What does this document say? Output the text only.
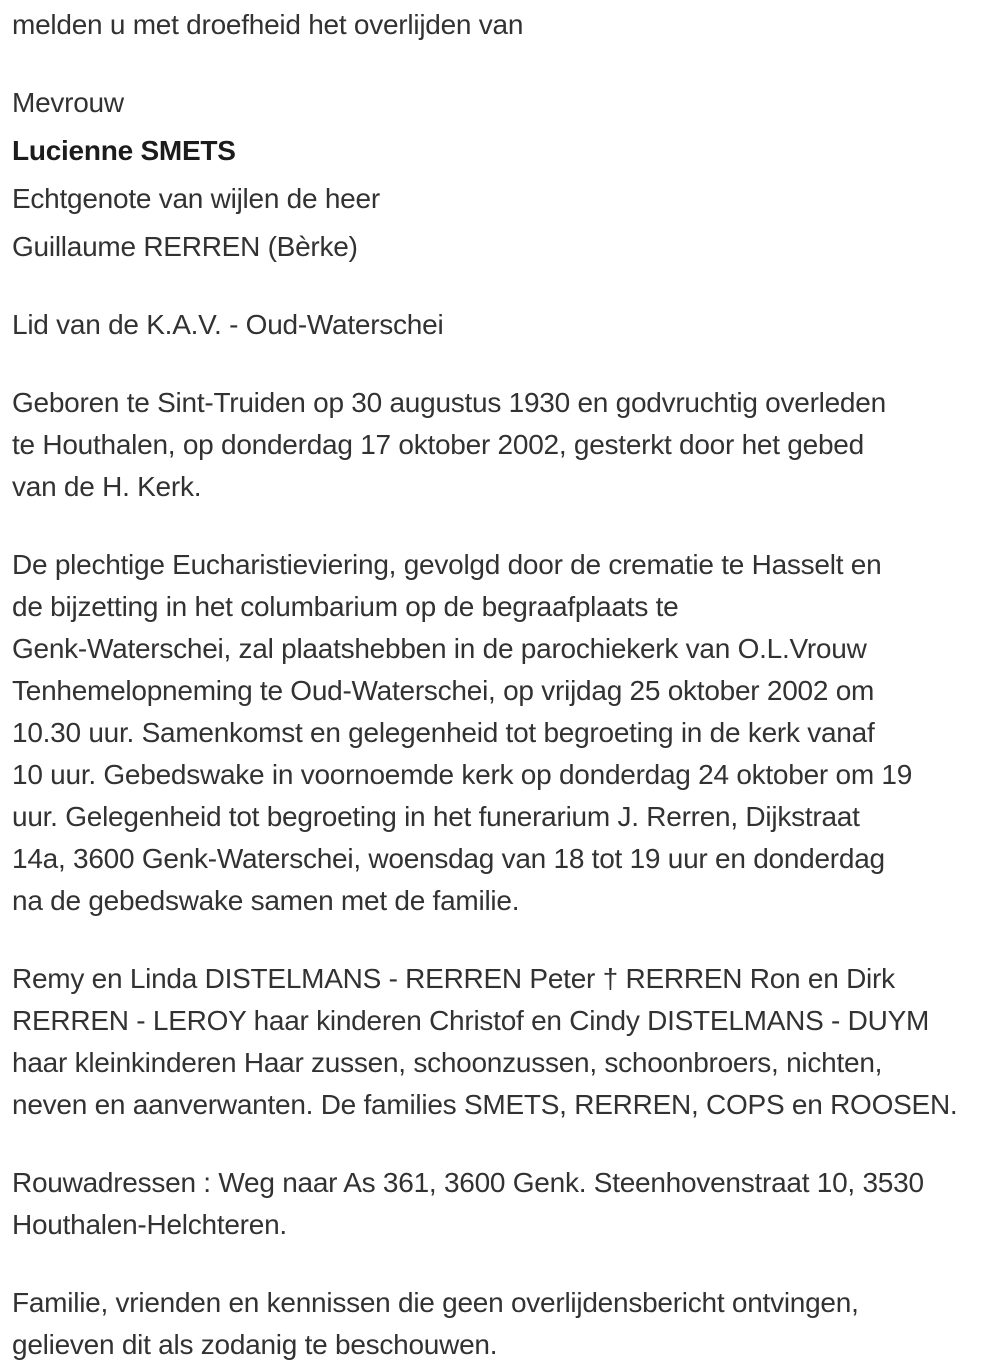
melden u met droefheid het overlijden van

Mevrouw

Lucienne SMETS

Echtgenote van wijlen de heer

Guillaume RERREN (Bèrke)

Lid van de K.A.V. - Oud-Waterschei

Geboren te Sint-Truiden op 30 augustus 1930 en godvruchtig overleden
te Houthalen, op donderdag 17 oktober 2002, gesterkt door het gebed
van de H. Kerk.

De plechtige Eucharistieviering, gevolgd door de crematie te Hasselt en
de bijzetting in het columbarium op de begraafplaats te
Genk-Waterschei, zal plaatshebben in de parochiekerk van O.L.Vrouw
Tenhemelopneming te Oud-Waterschei, op vrijdag 25 oktober 2002 om
10.30 uur. Samenkomst en gelegenheid tot begroeting in de kerk vanaf
10 uur. Gebedswake in voornoemde kerk op donderdag 24 oktober om 19
uur. Gelegenheid tot begroeting in het funerarium J. Rerren, Dijkstraat
14a, 3600 Genk-Waterschei, woensdag van 18 tot 19 uur en donderdag
na de gebedswake samen met de familie.

Remy en Linda DISTELMANS - RERREN Peter † RERREN Ron en Dirk
RERREN - LEROY haar kinderen Christof en Cindy DISTELMANS - DUYM
haar kleinkinderen Haar zussen, schoonzussen, schoonbroers, nichten,
neven en aanverwanten. De families SMETS, RERREN, COPS en ROOSEN.

Rouwadressen : Weg naar As 361, 3600 Genk. Steenhovenstraat 10, 3530
Houthalen-Helchteren.

Familie, vrienden en kennissen die geen overlijdensbericht ontvingen,
gelieven dit als zodanig te beschouwen.
